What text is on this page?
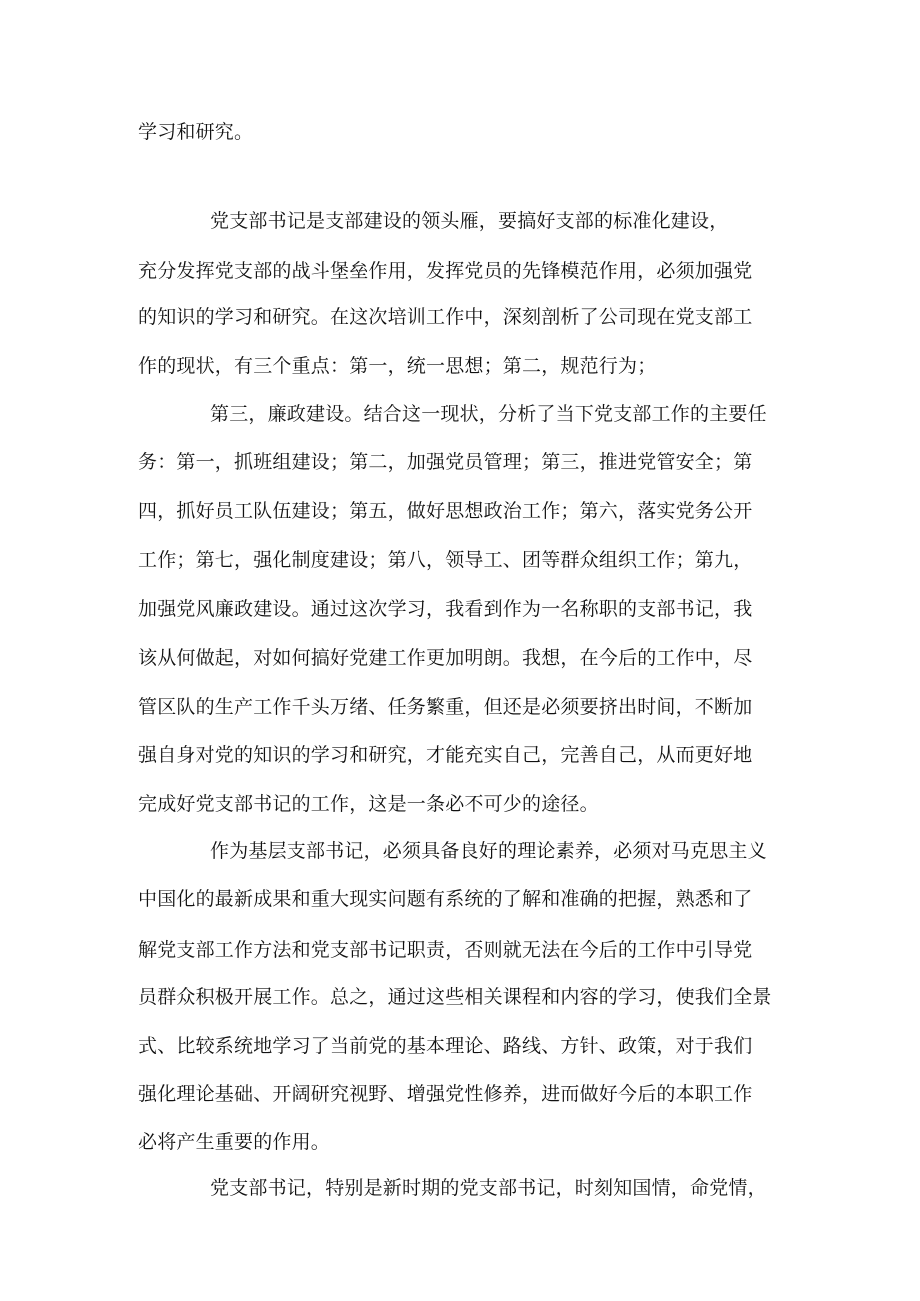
学习和研究。
党支部书记是支部建设的领头雁，要搞好支部的标准化建设，
充分发挥党支部的战斗堡垒作用，发挥党员的先锋模范作用，必须加强党
的知识的学习和研究。在这次培训工作中，深刻剖析了公司现在党支部工
作的现状，有三个重点：第一，统一思想；第二，规范行为；
第三，廉政建设。结合这一现状，分析了当下党支部工作的主要任
务：第一，抓班组建设；第二，加强党员管理；第三，推进党管安全；第
四，抓好员工队伍建设；第五，做好思想政治工作；第六，落实党务公开
工作；第七，强化制度建设；第八，领导工、团等群众组织工作；第九，
加强党风廉政建设。通过这次学习，我看到作为一名称职的支部书记，我
该从何做起，对如何搞好党建工作更加明朗。我想，在今后的工作中，尽
管区队的生产工作千头万绪、任务繁重，但还是必须要挤出时间，不断加
强自身对党的知识的学习和研究，才能充实自己，完善自己，从而更好地
完成好党支部书记的工作，这是一条必不可少的途径。
作为基层支部书记，必须具备良好的理论素养，必须对马克思主义
中国化的最新成果和重大现实问题有系统的了解和准确的把握，熟悉和了
解党支部工作方法和党支部书记职责，否则就无法在今后的工作中引导党
员群众积极开展工作。总之，通过这些相关课程和内容的学习，使我们全景
式、比较系统地学习了当前党的基本理论、路线、方针、政策，对于我们
强化理论基础、开阔研究视野、增强党性修养，进而做好今后的本职工作
必将产生重要的作用。
党支部书记，特别是新时期的党支部书记，时刻知国情，命党情，
